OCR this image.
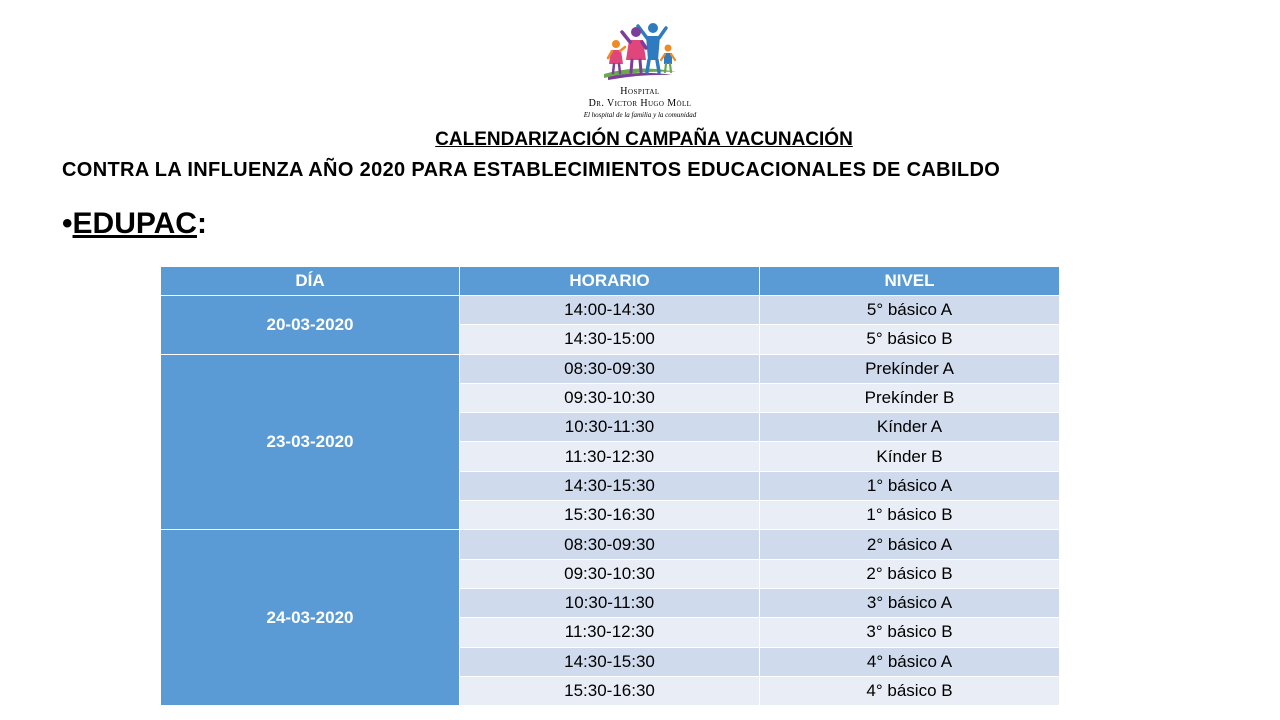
Hospital
Dr. Victor Hugo Möll
El hospital de la familia y la comunidad
CALENDARIZACIÓN CAMPAÑA VACUNACIÓN
CONTRA LA INFLUENZA AÑO 2020 PARA ESTABLECIMIENTOS EDUCACIONALES DE CABILDO
•EDUPAC:
DÍA	HORARIO	NIVEL
20-03-2020
14:00-14:30	5° básico A
14:30-15:00	5° básico B
23-03-2020
08:30-09:30	Prekínder A
09:30-10:30	Prekínder B
10:30-11:30	Kínder A
11:30-12:30	Kínder B
14:30-15:30	1° básico A
15:30-16:30	1° básico B
24-03-2020
08:30-09:30	2° básico A
09:30-10:30	2° básico B
10:30-11:30	3° básico A
11:30-12:30	3° básico B
14:30-15:30	4° básico A
15:30-16:30	4° básico B
